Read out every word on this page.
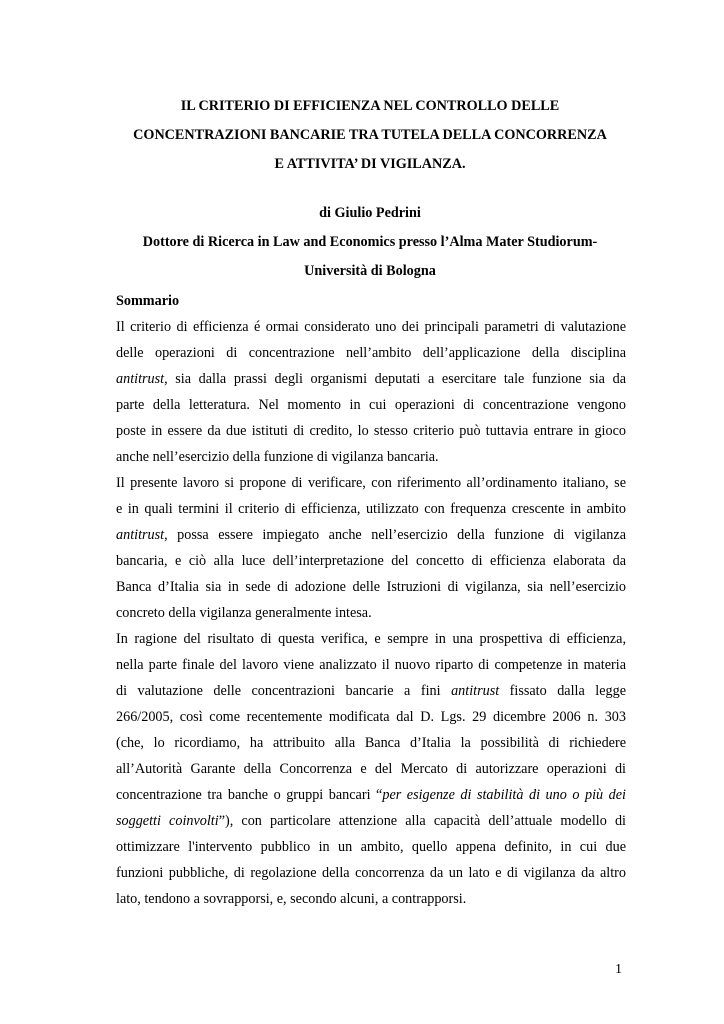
IL CRITERIO DI EFFICIENZA NEL CONTROLLO DELLE
CONCENTRAZIONI BANCARIE TRA TUTELA DELLA CONCORRENZA
E ATTIVITA’ DI VIGILANZA.
di Giulio Pedrini
Dottore di Ricerca in Law and Economics presso l’Alma Mater Studiorum-
Università di Bologna
Sommario
Il criterio di efficienza é ormai considerato uno dei principali parametri di valutazione
delle operazioni di concentrazione nell’ambito dell’applicazione della disciplina
antitrust, sia dalla prassi degli organismi deputati a esercitare tale funzione sia da
parte della letteratura. Nel momento in cui operazioni di concentrazione vengono
poste in essere da due istituti di credito, lo stesso criterio può tuttavia entrare in gioco
anche nell’esercizio della funzione di vigilanza bancaria.
Il presente lavoro si propone di verificare, con riferimento all’ordinamento italiano, se
e in quali termini il criterio di efficienza, utilizzato con frequenza crescente in ambito
antitrust, possa essere impiegato anche nell’esercizio della funzione di vigilanza
bancaria, e ciò alla luce dell’interpretazione del concetto di efficienza elaborata da
Banca d’Italia sia in sede di adozione delle Istruzioni di vigilanza, sia nell’esercizio
concreto della vigilanza generalmente intesa.
In ragione del risultato di questa verifica, e sempre in una prospettiva di efficienza,
nella parte finale del lavoro viene analizzato il nuovo riparto di competenze in materia
di valutazione delle concentrazioni bancarie a fini antitrust fissato dalla legge
266/2005, così come recentemente modificata dal D. Lgs. 29 dicembre 2006 n. 303
(che, lo ricordiamo, ha attribuito alla Banca d’Italia la possibilità di richiedere
all’Autorità Garante della Concorrenza e del Mercato di autorizzare operazioni di
concentrazione tra banche o gruppi bancari “per esigenze di stabilità di uno o più dei
soggetti coinvolti”), con particolare attenzione alla capacità dell’attuale modello di
ottimizzare l'intervento pubblico in un ambito, quello appena definito, in cui due
funzioni pubbliche, di regolazione della concorrenza da un lato e di vigilanza da altro
lato, tendono a sovrapporsi, e, secondo alcuni, a contrapporsi.
1
